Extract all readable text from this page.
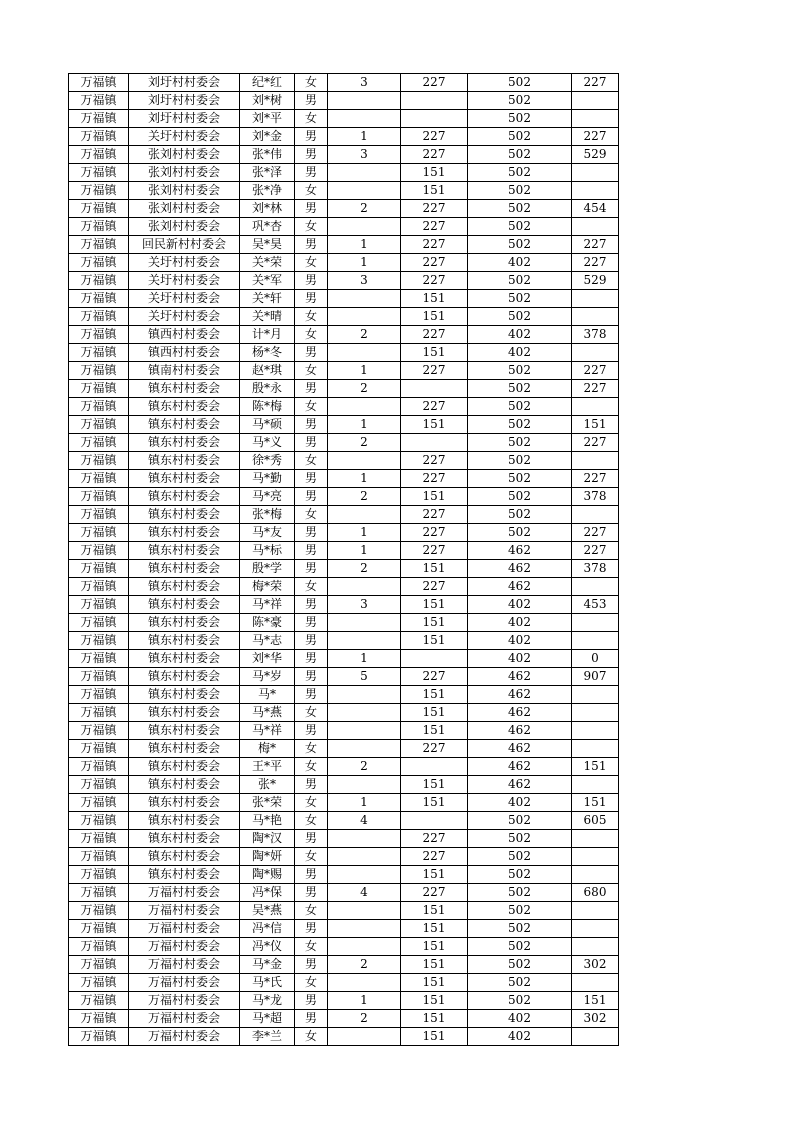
万福镇	刘圩村村委会	纪*红	女	3	227	502	227
万福镇	刘圩村村委会	刘*树	男			502	
万福镇	刘圩村村委会	刘*平	女			502	
万福镇	关圩村村委会	刘*金	男	1	227	502	227
万福镇	张刘村村委会	张*伟	男	3	227	502	529
万福镇	张刘村村委会	张*泽	男		151	502	
万福镇	张刘村村委会	张*净	女		151	502	
万福镇	张刘村村委会	刘*林	男	2	227	502	454
万福镇	张刘村村委会	巩*杏	女		227	502	
万福镇	回民新村村委会	吴*昊	男	1	227	502	227
万福镇	关圩村村委会	关*荣	女	1	227	402	227
万福镇	关圩村村委会	关*军	男	3	227	502	529
万福镇	关圩村村委会	关*轩	男		151	502	
万福镇	关圩村村委会	关*晴	女		151	502	
万福镇	镇西村村委会	计*月	女	2	227	402	378
万福镇	镇西村村委会	杨*冬	男		151	402	
万福镇	镇南村村委会	赵*琪	女	1	227	502	227
万福镇	镇东村村委会	殷*永	男	2		502	227
万福镇	镇东村村委会	陈*梅	女		227	502	
万福镇	镇东村村委会	马*硕	男	1	151	502	151
万福镇	镇东村村委会	马*义	男	2		502	227
万福镇	镇东村村委会	徐*秀	女		227	502	
万福镇	镇东村村委会	马*勤	男	1	227	502	227
万福镇	镇东村村委会	马*亮	男	2	151	502	378
万福镇	镇东村村委会	张*梅	女		227	502	
万福镇	镇东村村委会	马*友	男	1	227	502	227
万福镇	镇东村村委会	马*标	男	1	227	462	227
万福镇	镇东村村委会	殷*学	男	2	151	462	378
万福镇	镇东村村委会	梅*荣	女		227	462	
万福镇	镇东村村委会	马*祥	男	3	151	402	453
万福镇	镇东村村委会	陈*豪	男		151	402	
万福镇	镇东村村委会	马*志	男		151	402	
万福镇	镇东村村委会	刘*华	男	1		402	0
万福镇	镇东村村委会	马*岁	男	5	227	462	907
万福镇	镇东村村委会	马*	男		151	462	
万福镇	镇东村村委会	马*燕	女		151	462	
万福镇	镇东村村委会	马*祥	男		151	462	
万福镇	镇东村村委会	梅*	女		227	462	
万福镇	镇东村村委会	王*平	女	2		462	151
万福镇	镇东村村委会	张*	男		151	462	
万福镇	镇东村村委会	张*荣	女	1	151	402	151
万福镇	镇东村村委会	马*艳	女	4		502	605
万福镇	镇东村村委会	陶*汉	男		227	502	
万福镇	镇东村村委会	陶*妍	女		227	502	
万福镇	镇东村村委会	陶*赐	男		151	502	
万福镇	万福村村委会	冯*保	男	4	227	502	680
万福镇	万福村村委会	吴*燕	女		151	502	
万福镇	万福村村委会	冯*信	男		151	502	
万福镇	万福村村委会	冯*仪	女		151	502	
万福镇	万福村村委会	马*金	男	2	151	502	302
万福镇	万福村村委会	马*氏	女		151	502	
万福镇	万福村村委会	马*龙	男	1	151	502	151
万福镇	万福村村委会	马*超	男	2	151	402	302
万福镇	万福村村委会	李*兰	女		151	402	
